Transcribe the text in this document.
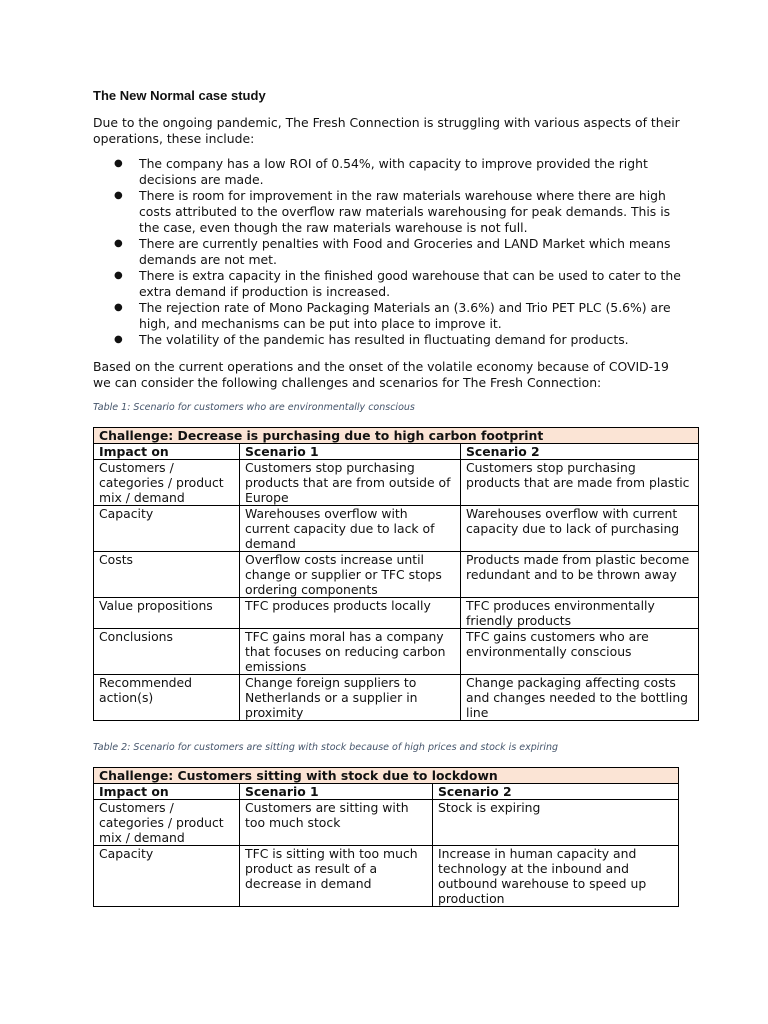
The New Normal case study
Due to the ongoing pandemic, The Fresh Connection is struggling with various aspects of their operations, these include:
● The company has a low ROI of 0.54%, with capacity to improve provided the right decisions are made.
● There is room for improvement in the raw materials warehouse where there are high costs attributed to the overflow raw materials warehousing for peak demands. This is the case, even though the raw materials warehouse is not full.
● There are currently penalties with Food and Groceries and LAND Market which means demands are not met.
● There is extra capacity in the finished good warehouse that can be used to cater to the extra demand if production is increased.
● The rejection rate of Mono Packaging Materials an (3.6%) and Trio PET PLC (5.6%) are high, and mechanisms can be put into place to improve it.
● The volatility of the pandemic has resulted in fluctuating demand for products.
Based on the current operations and the onset of the volatile economy because of COVID-19 we can consider the following challenges and scenarios for The Fresh Connection:
Table 1: Scenario for customers who are environmentally conscious
Challenge: Decrease is purchasing due to high carbon footprint		
Impact on	Scenario 1	Scenario 2
Customers / categories / product mix / demand	Customers stop purchasing products that are from outside of Europe	Customers stop purchasing products that are made from plastic
Capacity	Warehouses overflow with current capacity due to lack of demand	Warehouses overflow with current capacity due to lack of purchasing
Costs	Overflow costs increase until change or supplier or TFC stops ordering components	Products made from plastic become redundant and to be thrown away
Value propositions	TFC produces products locally	TFC produces environmentally friendly products
Conclusions	TFC gains moral has a company that focuses on reducing carbon emissions	TFC gains customers who are environmentally conscious
Recommended action(s)	Change foreign suppliers to Netherlands or a supplier in proximity	Change packaging affecting costs and changes needed to the bottling line
Table 2: Scenario for customers are sitting with stock because of high prices and stock is expiring
Challenge: Customers sitting with stock due to lockdown		
Impact on	Scenario 1	Scenario 2
Customers / categories / product mix / demand	Customers are sitting with too much stock	Stock is expiring
Capacity	TFC is sitting with too much product as result of a decrease in demand	Increase in human capacity and technology at the inbound and outbound warehouse to speed up production
